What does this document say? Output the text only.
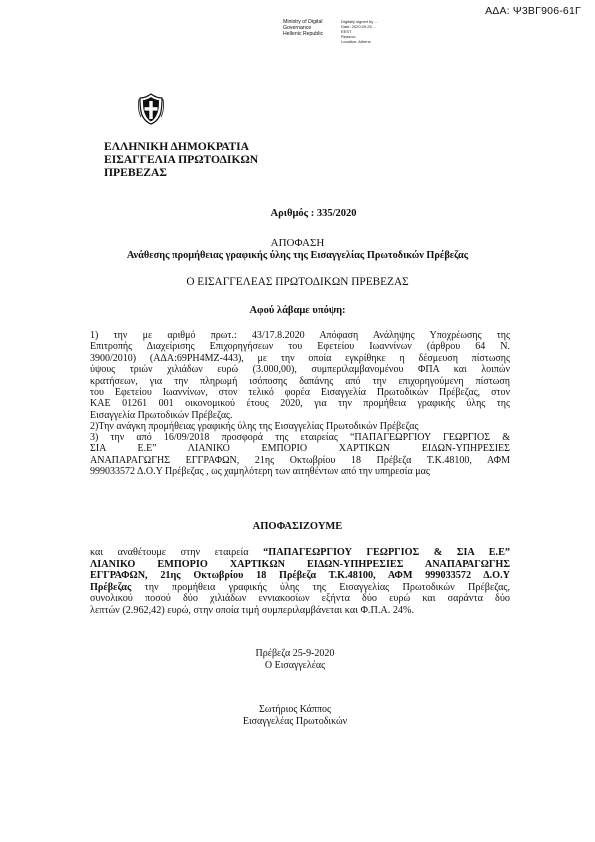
ΑΔΑ: Ψ3ΒΓ906-61Γ
Ministry of Digital
Governance
Hellenic Republic
Digitally signed by ...
Date: 2020.09.25 ...
EEST
Reason:
Location: Athens
ΕΛΛΗΝΙΚΗ ΔΗΜΟΚΡΑΤΙΑ
ΕΙΣΑΓΓΕΛΙΑ ΠΡΩΤΟΔΙΚΩΝ
ΠΡΕΒΕΖΑΣ
Αριθμός : 335/2020
ΑΠΟΦΑΣΗ
Ανάθεσης προμήθειας γραφικής ύλης της Εισαγγελίας Πρωτοδικών Πρέβεζας
Ο ΕΙΣΑΓΓΕΛΕΑΣ ΠΡΩΤΟΔΙΚΩΝ ΠΡΕΒΕΖΑΣ
Αφού λάβαμε υπόψη:
1) την με αριθμό πρωτ.: 43/17.8.2020 Απόφαση Ανάληψης Υποχρέωσης της
Επιτροπής Διαχείρισης Επιχορηγήσεων του Εφετείου Ιωαννίνων (άρθρου 64 Ν.
3900/2010) (ΑΔΑ:69ΡΗ4ΜΖ-443), με την οποία εγκρίθηκε η δέσμευση πίστωσης
ύψους τριών χιλιάδων ευρώ (3.000,00), συμπεριλαμβανομένου ΦΠΑ και λοιπών
κρατήσεων, για την πληρωμή ισόποσης δαπάνης από την επιχορηγούμενη πίστωση
του Εφετείου Ιωαννίνων, στον τελικό φορέα Εισαγγελία Πρωτοδικών Πρέβεζας, στον
ΚΑΕ 01261 001 οικονομικού έτους 2020, για την προμήθεια γραφικής ύλης της
Εισαγγελία Πρωτοδικών Πρέβεζας.
2)Την ανάγκη προμήθειας γραφικής ύλης της Εισαγγελίας Πρωτοδικών Πρέβεζας
3) την από 16/09/2018 προσφορά της εταιρείας “ΠΑΠΑΓΕΩΡΓΙΟΥ ΓΕΩΡΓΙΟΣ &
ΣΙΑ Ε.Ε” ΛΙΑΝΙΚΟ ΕΜΠΟΡΙΟ ΧΑΡΤΙΚΩΝ ΕΙΔΩΝ-ΥΠΗΡΕΣΙΕΣ
ΑΝΑΠΑΡΑΓΩΓΗΣ ΕΓΓΡΑΦΩΝ, 21ης Οκτωβρίου 18 Πρέβεζα Τ.Κ.48100, ΑΦΜ
999033572 Δ.Ο.Υ Πρέβεζας , ως χαμηλότερη των αιτηθέντων από την υπηρεσία μας
ΑΠΟΦΑΣΙΖΟΥΜΕ
και αναθέτουμε στην εταιρεία “ΠΑΠΑΓΕΩΡΓΙΟΥ ΓΕΩΡΓΙΟΣ & ΣΙΑ Ε.Ε”
ΛΙΑΝΙΚΟ ΕΜΠΟΡΙΟ ΧΑΡΤΙΚΩΝ ΕΙΔΩΝ-ΥΠΗΡΕΣΙΕΣ ΑΝΑΠΑΡΑΓΩΓΗΣ
ΕΓΓΡΑΦΩΝ, 21ης Οκτωβρίου 18 Πρέβεζα Τ.Κ.48100, ΑΦΜ 999033572 Δ.Ο.Υ
Πρέβεζας την προμήθεια γραφικής ύλης της Εισαγγελίας Πρωτοδικών Πρέβεζας,
συνολικού ποσού δύο χιλιάδων εννιακοσίων εξήντα δύο ευρώ και σαράντα δύο
λεπτών (2.962,42) ευρώ, στην οποία τιμή συμπεριλαμβάνεται και Φ.Π.Α. 24%.
Πρέβεζα 25-9-2020
Ο Εισαγγελέας
Σωτήριος Κάππος
Εισαγγελέας Πρωτοδικών
